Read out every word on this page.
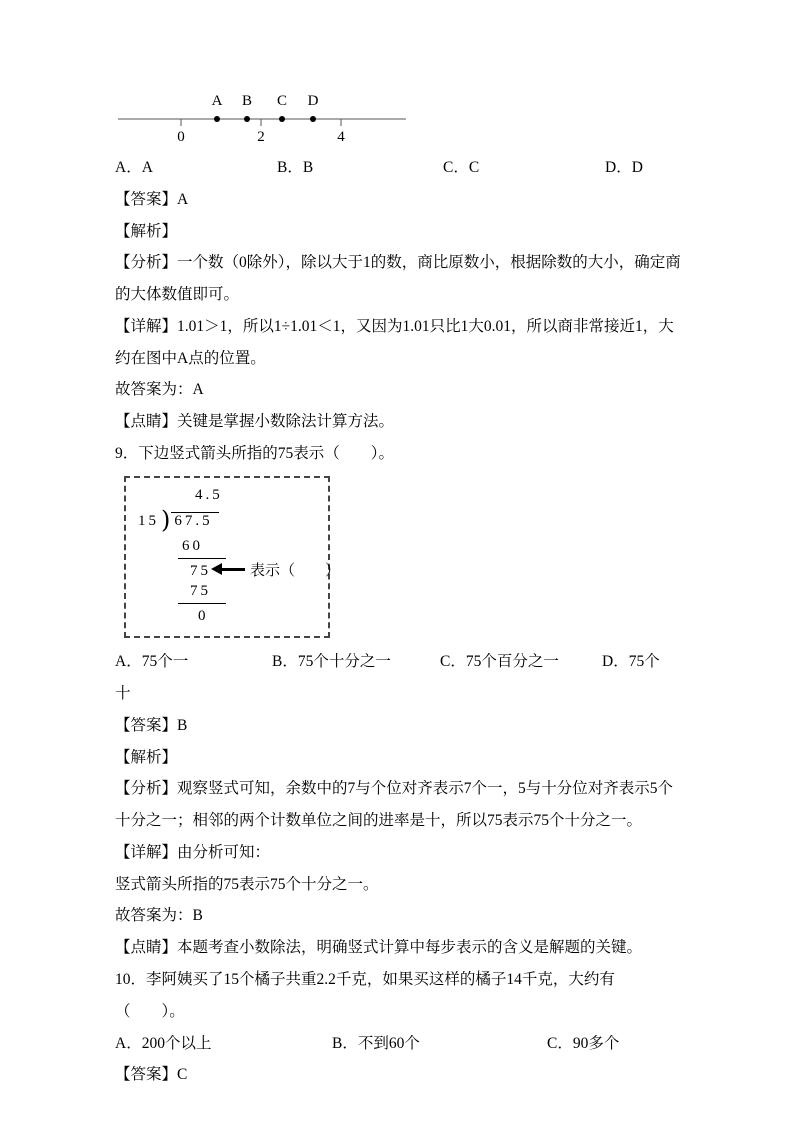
A B C D
0	2	4
A．A	B．B	C．C	D．D

【答案】A

【解析】

【分析】一个数（0除外），除以大于1的数，商比原数小，根据除数的大小，确定商的大体数值即可。

【详解】1.01＞1，所以1÷1.01＜1，又因为1.01只比1大0.01，所以商非常接近1，大约在图中A点的位置。

故答案为：A

【点睛】关键是掌握小数除法计算方法。

9．下边竖式箭头所指的75表示（　　）。

4.5
15) 67.5
60
75	表示（　　）
75
0
A．75个一	B．75个十分之一	C．75个百分之一	D．75个

十

【答案】B

【解析】

【分析】观察竖式可知，余数中的7与个位对齐表示7个一，5与十分位对齐表示5个十分之一；相邻的两个计数单位之间的进率是十，所以75表示75个十分之一。

【详解】由分析可知：

竖式箭头所指的75表示75个十分之一。

故答案为：B

【点睛】本题考查小数除法，明确竖式计算中每步表示的含义是解题的关键。

10．李阿姨买了15个橘子共重2.2千克，如果买这样的橘子14千克，大约有（　　）。

A．200个以上	B．不到60个	C．90多个

【答案】C
